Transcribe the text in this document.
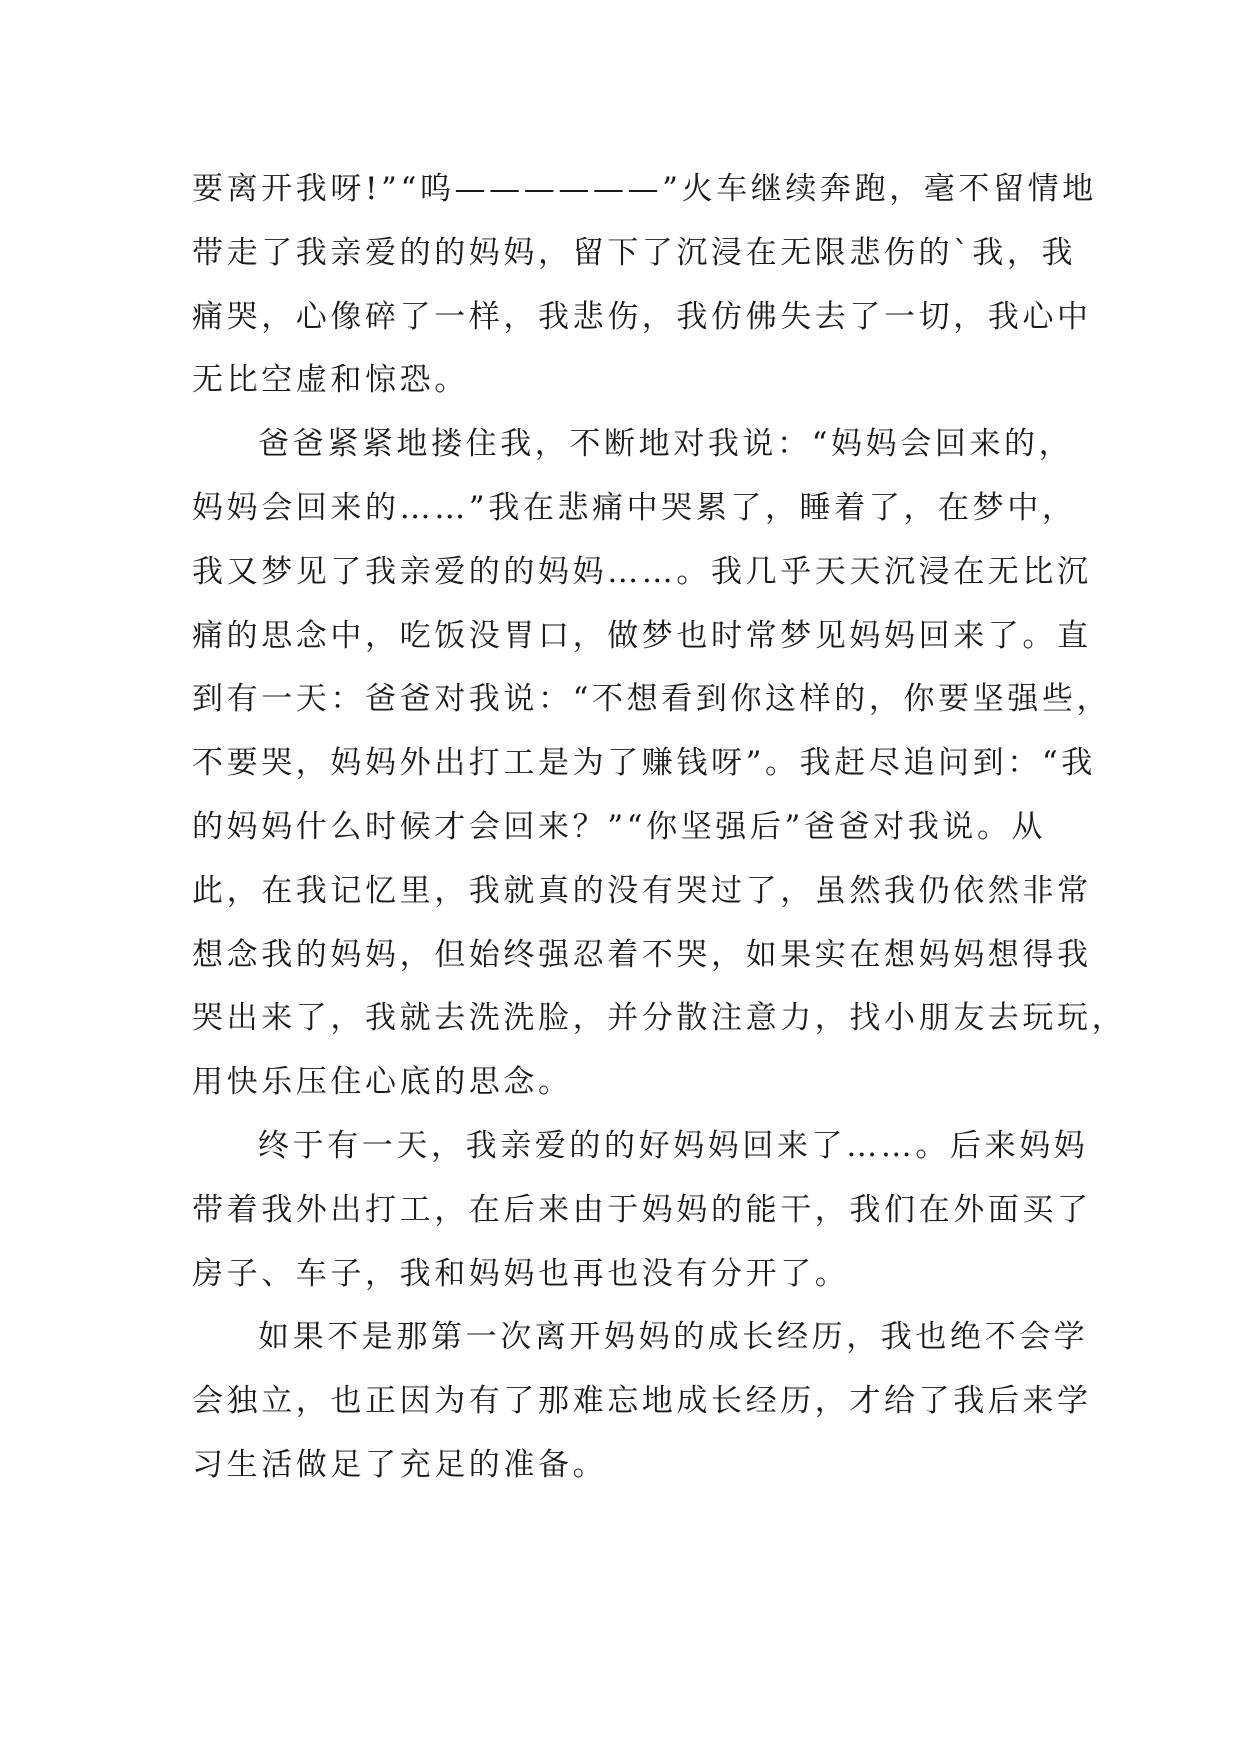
要离开我呀!”“呜——————”火车继续奔跑，毫不留情地
带走了我亲爱的的妈妈，留下了沉浸在无限悲伤的`我，我
痛哭，心像碎了一样，我悲伤，我仿佛失去了一切，我心中
无比空虚和惊恐。
爸爸紧紧地搂住我，不断地对我说：“妈妈会回来的，
妈妈会回来的……”我在悲痛中哭累了，睡着了，在梦中，
我又梦见了我亲爱的的妈妈……。我几乎天天沉浸在无比沉
痛的思念中，吃饭没胃口，做梦也时常梦见妈妈回来了。直
到有一天：爸爸对我说：“不想看到你这样的，你要坚强些，
不要哭，妈妈外出打工是为了赚钱呀”。我赶尽追问到：“我
的妈妈什么时候才会回来？”“你坚强后”爸爸对我说。从
此，在我记忆里，我就真的没有哭过了，虽然我仍依然非常
想念我的妈妈，但始终强忍着不哭，如果实在想妈妈想得我
哭出来了，我就去洗洗脸，并分散注意力，找小朋友去玩玩，
用快乐压住心底的思念。
终于有一天，我亲爱的的好妈妈回来了……。后来妈妈
带着我外出打工，在后来由于妈妈的能干，我们在外面买了
房子、车子，我和妈妈也再也没有分开了。
如果不是那第一次离开妈妈的成长经历，我也绝不会学
会独立，也正因为有了那难忘地成长经历，才给了我后来学
习生活做足了充足的准备。
